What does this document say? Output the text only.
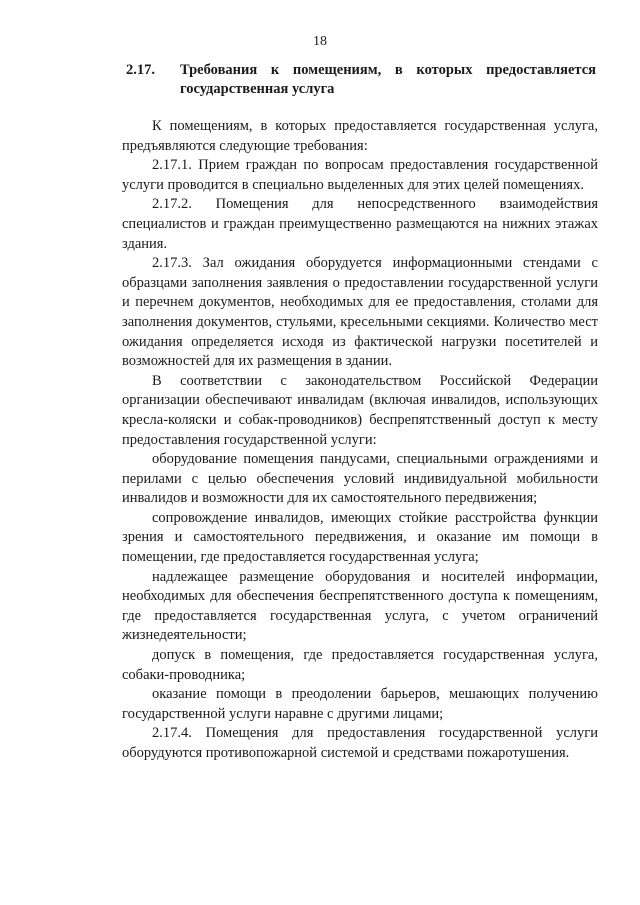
18
2.17. Требования к помещениям, в которых предоставляется государственная услуга

К помещениям, в которых предоставляется государственная услуга, предъявляются следующие требования:

2.17.1. Прием граждан по вопросам предоставления государственной услуги проводится в специально выделенных для этих целей помещениях.

2.17.2. Помещения для непосредственного взаимодействия специалистов и граждан преимущественно размещаются на нижних этажах здания.

2.17.3. Зал ожидания оборудуется информационными стендами с образцами заполнения заявления о предоставлении государственной услуги и перечнем документов, необходимых для ее предоставления, столами для заполнения документов, стульями, кресельными секциями. Количество мест ожидания определяется исходя из фактической нагрузки посетителей и возможностей для их размещения в здании.

В соответствии с законодательством Российской Федерации организации обеспечивают инвалидам (включая инвалидов, использующих кресла-коляски и собак-проводников) беспрепятственный доступ к месту предоставления государственной услуги:

оборудование помещения пандусами, специальными ограждениями и перилами с целью обеспечения условий индивидуальной мобильности инвалидов и возможности для их самостоятельного передвижения;

сопровождение инвалидов, имеющих стойкие расстройства функции зрения и самостоятельного передвижения, и оказание им помощи в помещении, где предоставляется государственная услуга;

надлежащее размещение оборудования и носителей информации, необходимых для обеспечения беспрепятственного доступа к помещениям, где предоставляется государственная услуга, с учетом ограничений жизнедеятельности;

допуск в помещения, где предоставляется государственная услуга, собаки-проводника;

оказание помощи в преодолении барьеров, мешающих получению государственной услуги наравне с другими лицами;

2.17.4. Помещения для предоставления государственной услуги оборудуются противопожарной системой и средствами пожаротушения.
